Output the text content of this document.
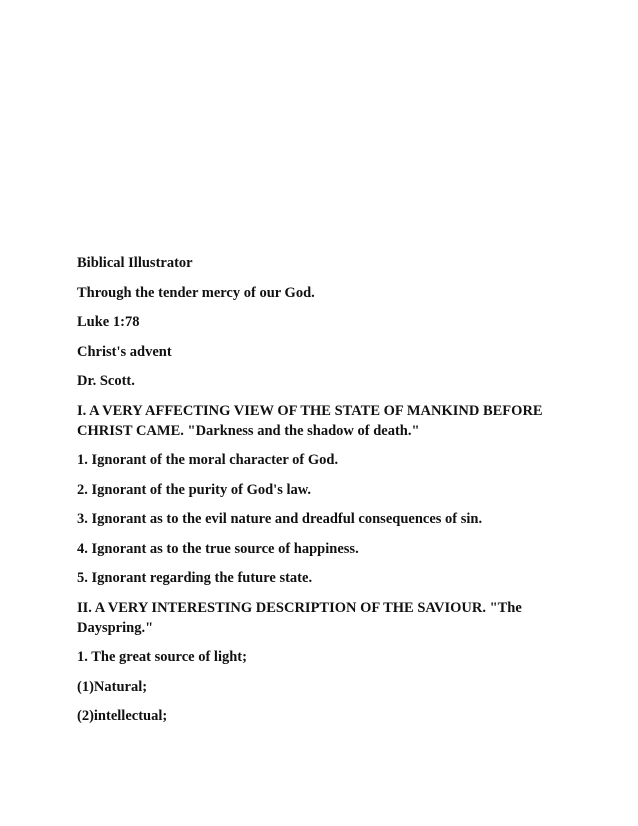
Biblical Illustrator

Through the tender mercy of our God.

Luke 1:78

Christ's advent

Dr. Scott.

I. A VERY AFFECTING VIEW OF THE STATE OF MANKIND BEFORE CHRIST CAME. "Darkness and the shadow of death."

1. Ignorant of the moral character of God.

2. Ignorant of the purity of God's law.

3. Ignorant as to the evil nature and dreadful consequences of sin.

4. Ignorant as to the true source of happiness.

5. Ignorant regarding the future state.

II. A VERY INTERESTING DESCRIPTION OF THE SAVIOUR. "The Dayspring."

1. The great source of light;

(1)Natural;

(2)intellectual;
